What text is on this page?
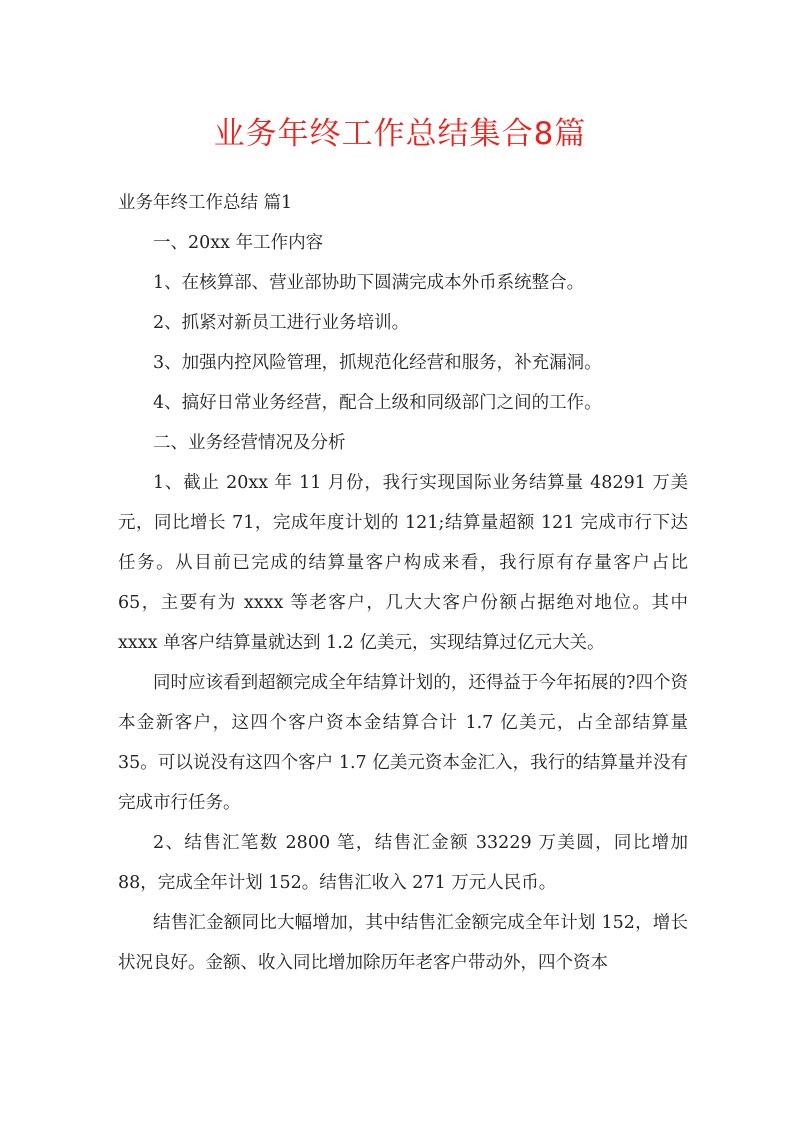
业务年终工作总结集合8篇

业务年终工作总结 篇1

一、20xx 年工作内容

1、在核算部、营业部协助下圆满完成本外币系统整合。

2、抓紧对新员工进行业务培训。

3、加强内控风险管理，抓规范化经营和服务，补充漏洞。

4、搞好日常业务经营，配合上级和同级部门之间的工作。

二、业务经营情况及分析

1、截止 20xx 年 11 月份，我行实现国际业务结算量 48291 万美元，同比增长 71，完成年度计划的 121;结算量超额 121 完成市行下达任务。从目前已完成的结算量客户构成来看，我行原有存量客户占比 65，主要有为 xxxx 等老客户，几大大客户份额占据绝对地位。其中 xxxx 单客户结算量就达到 1.2 亿美元，实现结算过亿元大关。

同时应该看到超额完成全年结算计划的，还得益于今年拓展的?四个资本金新客户，这四个客户资本金结算合计 1.7 亿美元，占全部结算量 35。可以说没有这四个客户 1.7 亿美元资本金汇入，我行的结算量并没有完成市行任务。

2、结售汇笔数 2800 笔，结售汇金额 33229 万美圆，同比增加 88，完成全年计划 152。结售汇收入 271 万元人民币。

结售汇金额同比大幅增加，其中结售汇金额完成全年计划 152，增长状况良好。金额、收入同比增加除历年老客户带动外，四个资本
